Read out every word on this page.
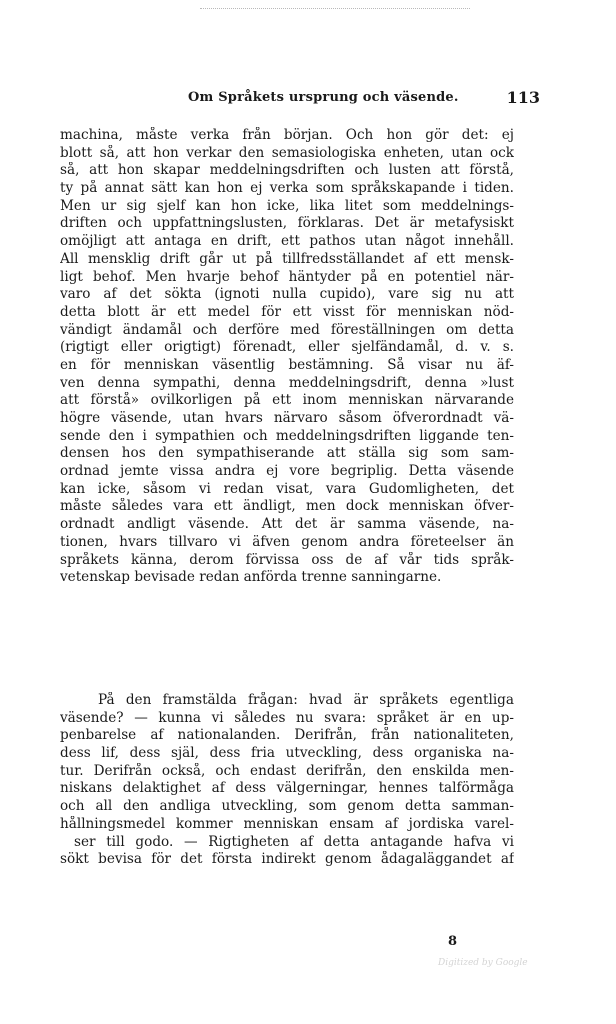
Om Språkets ursprung och väsende.	113
machina, måste verka från början. Och hon gör det: ej
blott så, att hon verkar den semasiologiska enheten, utan ock
så, att hon skapar meddelningsdriften och lusten att förstå,
ty på annat sätt kan hon ej verka som språkskapande i tiden.
Men ur sig sjelf kan hon icke, lika litet som meddelnings-
driften och uppfattningslusten, förklaras. Det är metafysiskt
omöjligt att antaga en drift, ett pathos utan något innehåll.
All mensklig drift går ut på tillfredsställandet af ett mensk-
ligt behof. Men hvarje behof häntyder på en potentiel när-
varo af det sökta (ignoti nulla cupido), vare sig nu att
detta blott är ett medel för ett visst för menniskan nöd-
vändigt ändamål och derföre med föreställningen om detta
(rigtigt eller origtigt) förenadt, eller sjelfändamål, d. v. s.
en för menniskan väsentlig bestämning. Så visar nu äf-
ven denna sympathi, denna meddelningsdrift, denna »lust
att förstå» ovilkorligen på ett inom menniskan närvarande
högre väsende, utan hvars närvaro såsom öfverordnadt vä-
sende den i sympathien och meddelningsdriften liggande ten-
densen hos den sympathiserande att ställa sig som sam-
ordnad jemte vissa andra ej vore begriplig. Detta väsende
kan icke, såsom vi redan visat, vara Gudomligheten, det
måste således vara ett ändligt, men dock menniskan öfver-
ordnadt andligt väsende. Att det är samma väsende, na-
tionen, hvars tillvaro vi äfven genom andra företeelser än
språkets känna, derom förvissa oss de af vår tids språk-
vetenskap bevisade redan anförda trenne sanningarne.
På den framstälda frågan: hvad är språkets egentliga
väsende? — kunna vi således nu svara: språket är en up-
penbarelse af nationalanden. Derifrån, från nationaliteten,
dess lif, dess själ, dess fria utveckling, dess organiska na-
tur. Derifrån också, och endast derifrån, den enskilda men-
niskans delaktighet af dess välgerningar, hennes talförmåga
och all den andliga utveckling, som genom detta samman-
hållningsmedel kommer menniskan ensam af jordiska varel-
ser till godo. — Rigtigheten af detta antagande hafva vi
sökt bevisa för det första indirekt genom ådagaläggandet af
8
Digitized by Google
